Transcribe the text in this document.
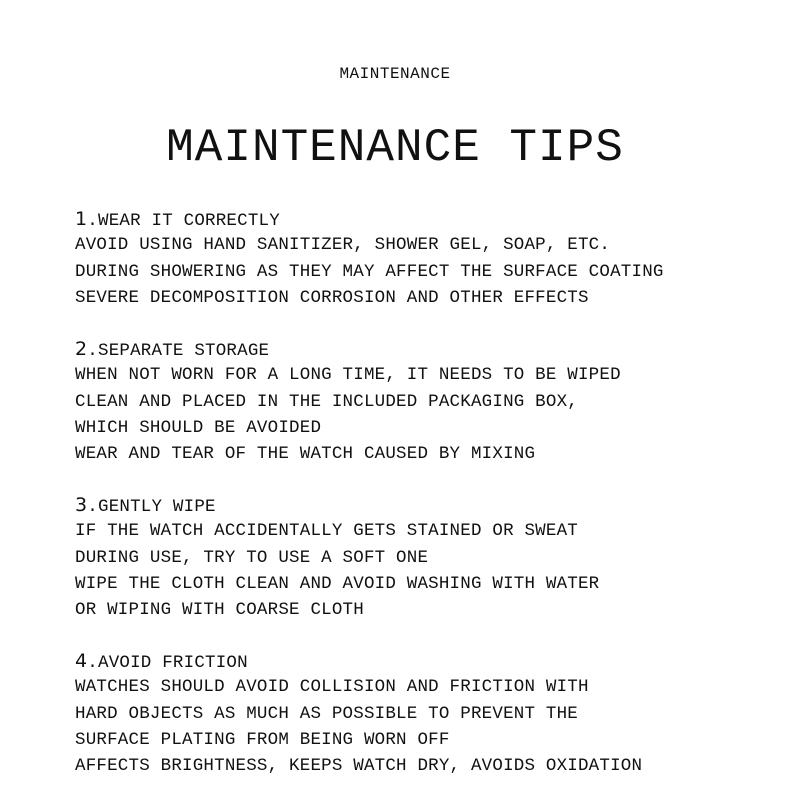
MAINTENANCE
MAINTENANCE TIPS
1.WEAR IT CORRECTLY
AVOID USING HAND SANITIZER, SHOWER GEL, SOAP, ETC.
DURING SHOWERING AS THEY MAY AFFECT THE SURFACE COATING
SEVERE DECOMPOSITION CORROSION AND OTHER EFFECTS
2.SEPARATE STORAGE
WHEN NOT WORN FOR A LONG TIME, IT NEEDS TO BE WIPED
CLEAN AND PLACED IN THE INCLUDED PACKAGING BOX,
WHICH SHOULD BE AVOIDED
WEAR AND TEAR OF THE WATCH CAUSED BY MIXING
3.GENTLY WIPE
IF THE WATCH ACCIDENTALLY GETS STAINED OR SWEAT
DURING USE, TRY TO USE A SOFT ONE
WIPE THE CLOTH CLEAN AND AVOID WASHING WITH WATER
OR WIPING WITH COARSE CLOTH
4.AVOID FRICTION
WATCHES SHOULD AVOID COLLISION AND FRICTION WITH
HARD OBJECTS AS MUCH AS POSSIBLE TO PREVENT THE
SURFACE PLATING FROM BEING WORN OFF
AFFECTS BRIGHTNESS, KEEPS WATCH DRY, AVOIDS OXIDATION
